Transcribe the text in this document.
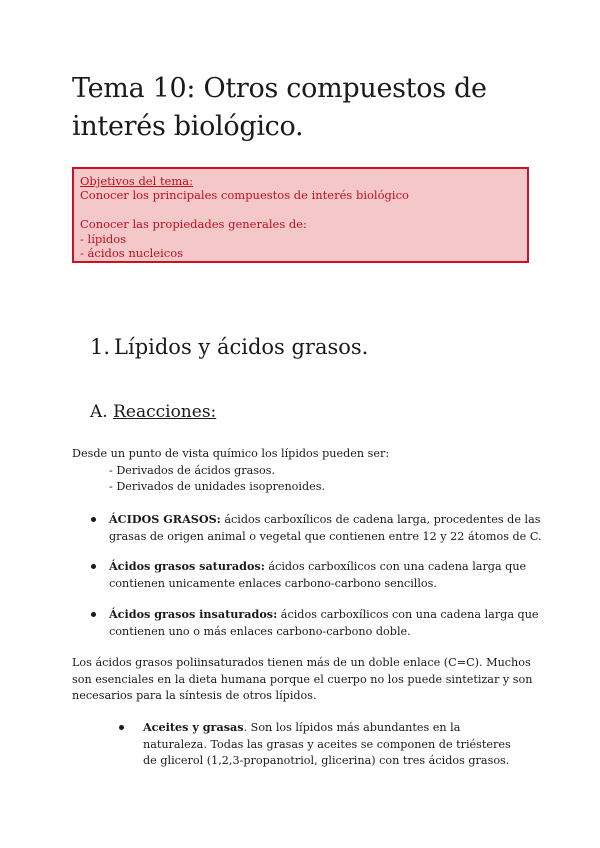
Tema 10: Otros compuestos de interés biológico.
Objetivos del tema:
Conocer los principales compuestos de interés biológico
Conocer las propiedades generales de:
- lípidos
- ácidos nucleicos
1. Lípidos y ácidos grasos.
A. Reacciones:

Desde un punto de vista químico los lípidos pueden ser:
- Derivados de ácidos grasos.
- Derivados de unidades isoprenoides.

ÁCIDOS GRASOS: ácidos carboxílicos de cadena larga, procedentes de las grasas de origen animal o vegetal que contienen entre 12 y 22 átomos de C.
Ácidos grasos saturados: ácidos carboxílicos con una cadena larga que contienen unicamente enlaces carbono-carbono sencillos.
Ácidos grasos insaturados: ácidos carboxílicos con una cadena larga que contienen uno o más enlaces carbono-carbono doble.

Los ácidos grasos poliinsaturados tienen más de un doble enlace (C=C). Muchos son esenciales en la dieta humana porque el cuerpo no los puede sintetizar y son necesarios para la síntesis de otros lípidos.

Aceites y grasas. Son los lípidos más abundantes en la naturaleza. Todas las grasas y aceites se componen de triésteres de glicerol (1,2,3-propanotriol, glicerina) con tres ácidos grasos.
